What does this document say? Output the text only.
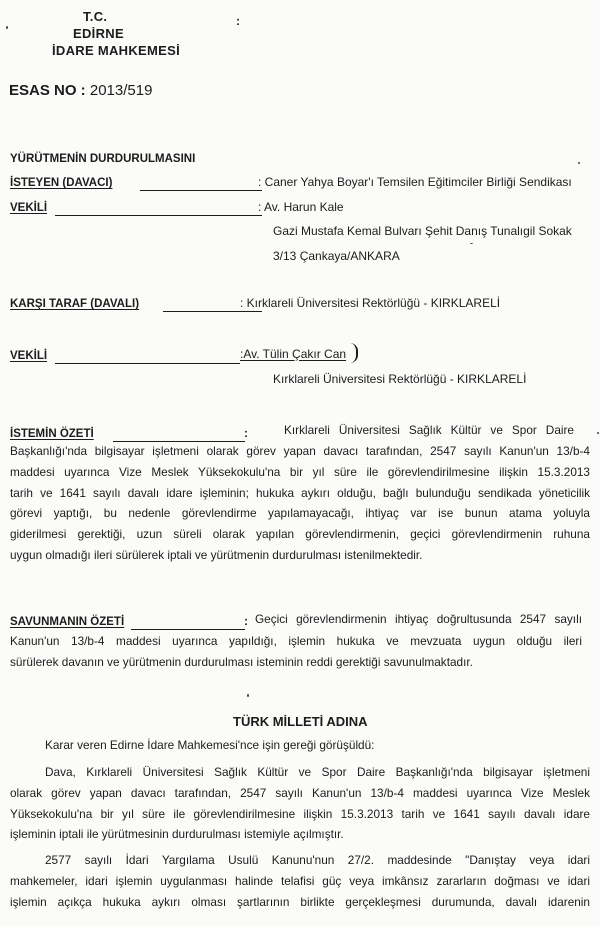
T.C.
EDİRNE
İDARE MAHKEMESİ
:
ESAS NO : 2013/519
YÜRÜTMENİN DURDURULMASINI
İSTEYEN (DAVACI)	: Caner Yahya Boyar'ı Temsilen Eğitimciler Birliği Sendikası
VEKİLİ	: Av. Harun Kale
Gazi Mustafa Kemal Bulvarı Şehit Danış Tunalıgil Sokak
3/13 Çankaya/ANKARA
KARŞI TARAF (DAVALI)	: Kırklareli Üniversitesi Rektörlüğü - KIRKLARELİ
VEKİLİ	:Av. Tülin Çakır Can
Kırklareli Üniversitesi Rektörlüğü - KIRKLARELİ
İSTEMİN ÖZETİ	:	Kırklareli Üniversitesi Sağlık Kültür ve Spor Daire
Başkanlığı'nda bilgisayar işletmeni olarak görev yapan davacı tarafından, 2547 sayılı Kanun'un 13/b-4
maddesi uyarınca Vize Meslek Yüksekokulu'na bir yıl süre ile görevlendirilmesine ilişkin 15.3.2013
tarih ve 1641 sayılı davalı idare işleminin; hukuka aykırı olduğu, bağlı bulunduğu sendikada yöneticilik
görevi yaptığı, bu nedenle görevlendirme yapılamayacağı, ihtiyaç var ise bunun atama yoluyla
giderilmesi gerektiği, uzun süreli olarak yapılan görevlendirmenin, geçici görevlendirmenin ruhuna
uygun olmadığı ileri sürülerek iptali ve yürütmenin durdurulması istenilmektedir.
SAVUNMANIN ÖZETİ	: Geçici görevlendirmenin ihtiyaç doğrultusunda 2547 sayılı
Kanun'un 13/b-4 maddesi uyarınca yapıldığı, işlemin hukuka ve mevzuata uygun olduğu ileri
sürülerek davanın ve yürütmenin durdurulması isteminin reddi gerektiği savunulmaktadır.
TÜRK MİLLETİ ADINA
Karar veren Edirne İdare Mahkemesi'nce işin gereği görüşüldü:
Dava, Kırklareli Üniversitesi Sağlık Kültür ve Spor Daire Başkanlığı'nda bilgisayar işletmeni
olarak görev yapan davacı tarafından, 2547 sayılı Kanun'un 13/b-4 maddesi uyarınca Vize Meslek
Yüksekokulu'na bir yıl süre ile görevlendirilmesine ilişkin 15.3.2013 tarih ve 1641 sayılı davalı idare
işleminin iptali ile yürütmesinin durdurulması istemiyle açılmıştır.
2577 sayılı İdari Yargılama Usulü Kanunu'nun 27/2. maddesinde "Danıştay veya idari
mahkemeler, idari işlemin uygulanması halinde telafisi güç veya imkânsız zararların doğması ve idari
işlemin açıkça hukuka aykırı olması şartlarının birlikte gerçekleşmesi durumunda, davalı idarenin
